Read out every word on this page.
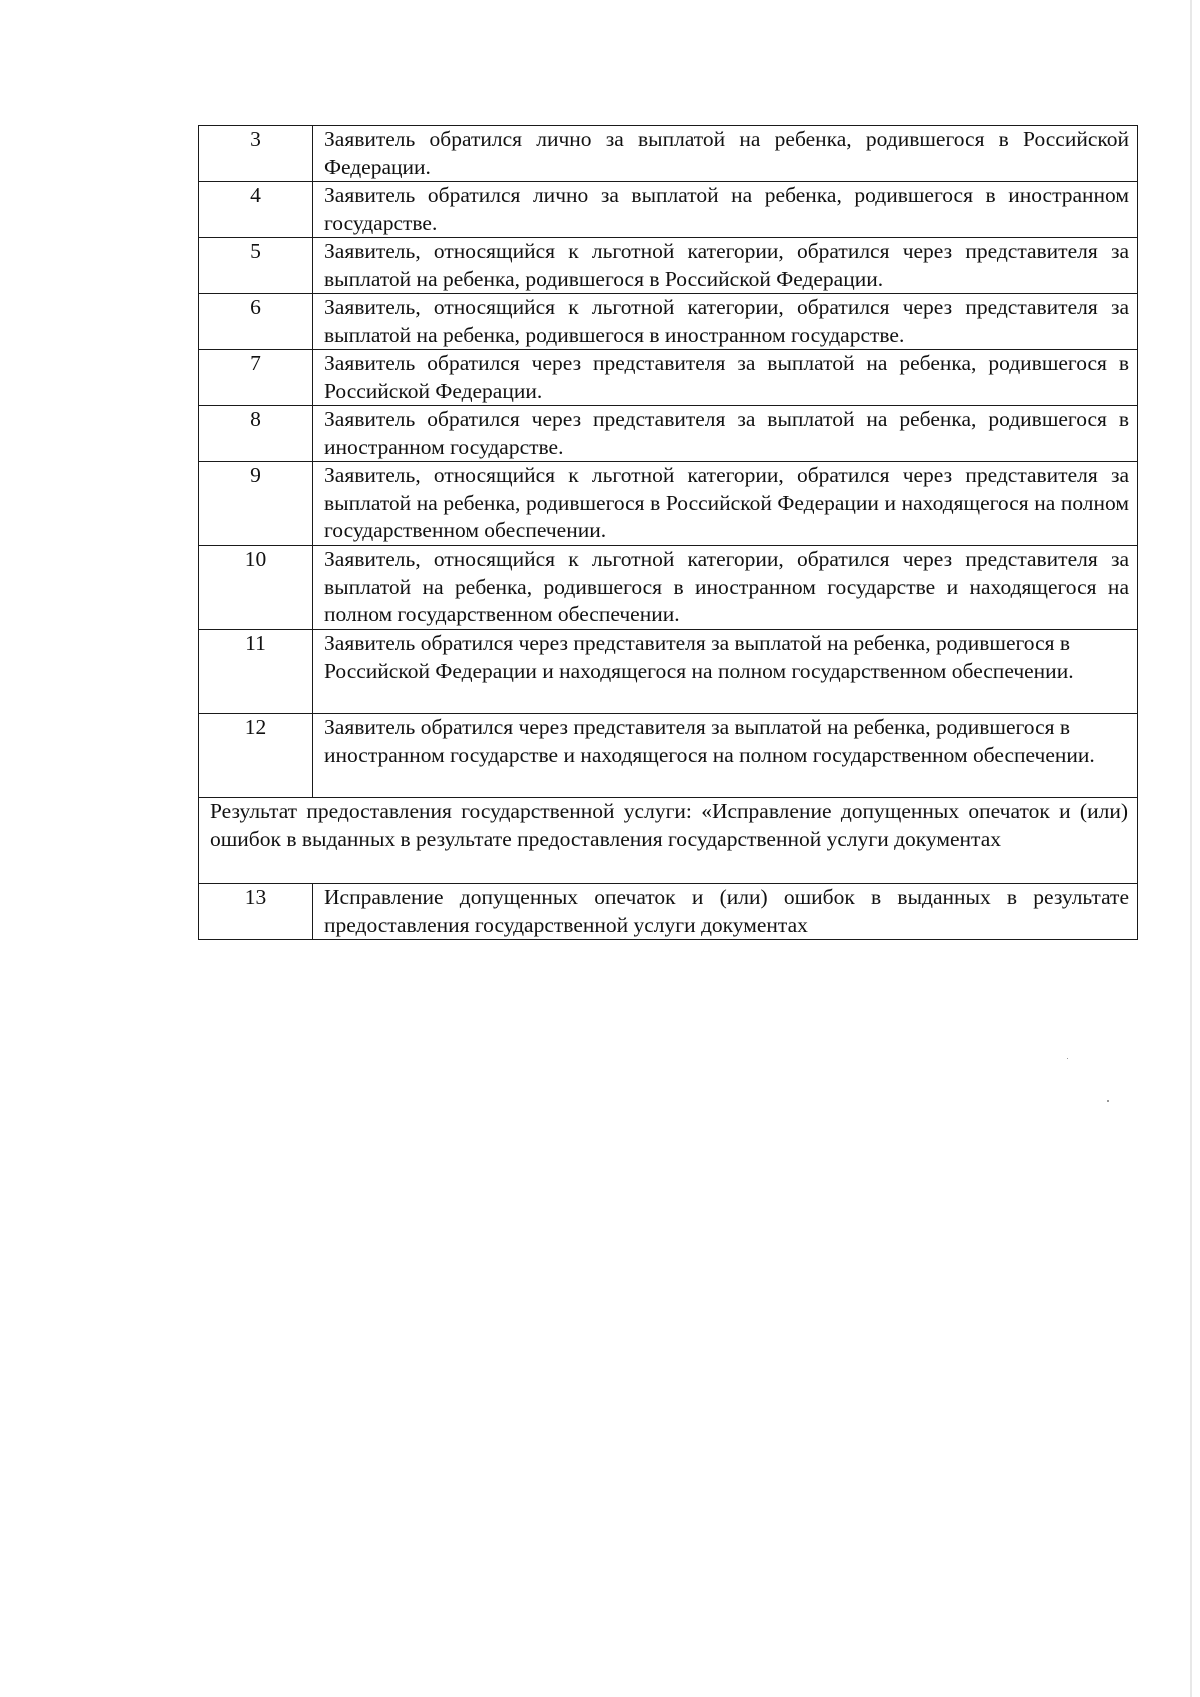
3	Заявитель обратился лично за выплатой на ребенка, родившегося в Российской Федерации.
4	Заявитель обратился лично за выплатой на ребенка, родившегося в иностранном государстве.
5	Заявитель, относящийся к льготной категории, обратился через представителя за выплатой на ребенка, родившегося в Российской Федерации.
6	Заявитель, относящийся к льготной категории, обратился через представителя за выплатой на ребенка, родившегося в иностранном государстве.
7	Заявитель обратился через представителя за выплатой на ребенка, родившегося в Российской Федерации.
8	Заявитель обратился через представителя за выплатой на ребенка, родившегося в иностранном государстве.
9	Заявитель, относящийся к льготной категории, обратился через представителя за выплатой на ребенка, родившегося в Российской Федерации и находящегося на полном государственном обеспечении.
10	Заявитель, относящийся к льготной категории, обратился через представителя за выплатой на ребенка, родившегося в иностранном государстве и находящегося на полном государственном обеспечении.
11	Заявитель обратился через представителя за выплатой на ребенка, родившегося в Российской Федерации и находящегося на полном государственном обеспечении.
12	Заявитель обратился через представителя за выплатой на ребенка, родившегося в иностранном государстве и находящегося на полном государственном обеспечении.
Результат предоставления государственной услуги: «Исправление допущенных опечаток и (или) ошибок в выданных в результате предоставления государственной услуги документах	
13	Исправление допущенных опечаток и (или) ошибок в выданных в результате предоставления государственной услуги документах
